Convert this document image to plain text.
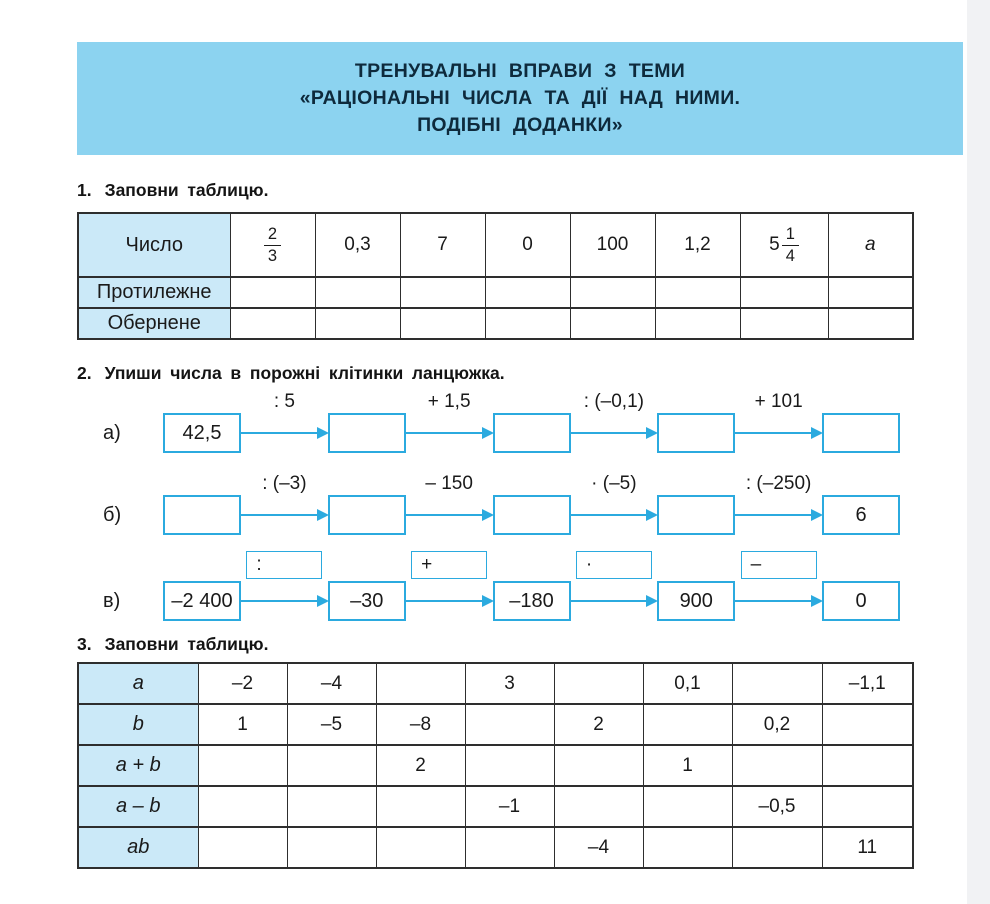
ТРЕНУВАЛЬНІ ВПРАВИ З ТЕМИ
«РАЦІОНАЛЬНІ ЧИСЛА ТА ДІЇ НАД НИМИ.
ПОДІБНІ ДОДАНКИ»
1. Заповни таблицю.
Число	$\frac{2}{3}$	0,3	7	0	100	1,2	$5 \frac{1}{4}$	a
Протилежне								
Обернене								
2. Упиши числа в порожні клітинки ланцюжка.
а)	42,5
: 5	+ 1,5	: (–0,1)	+ 101
б)
: (–3)	– 150	· (–5)	: (–250)
6
в)	–2 400
:
–30
+
–180
·
900
–
0
3. Заповни таблицю.
a	–2	–4		3		0,1		–1,1
b	1	–5	–8		2		0,2	
a + b			2			1		
a – b				–1			–0,5	
ab					–4			11
